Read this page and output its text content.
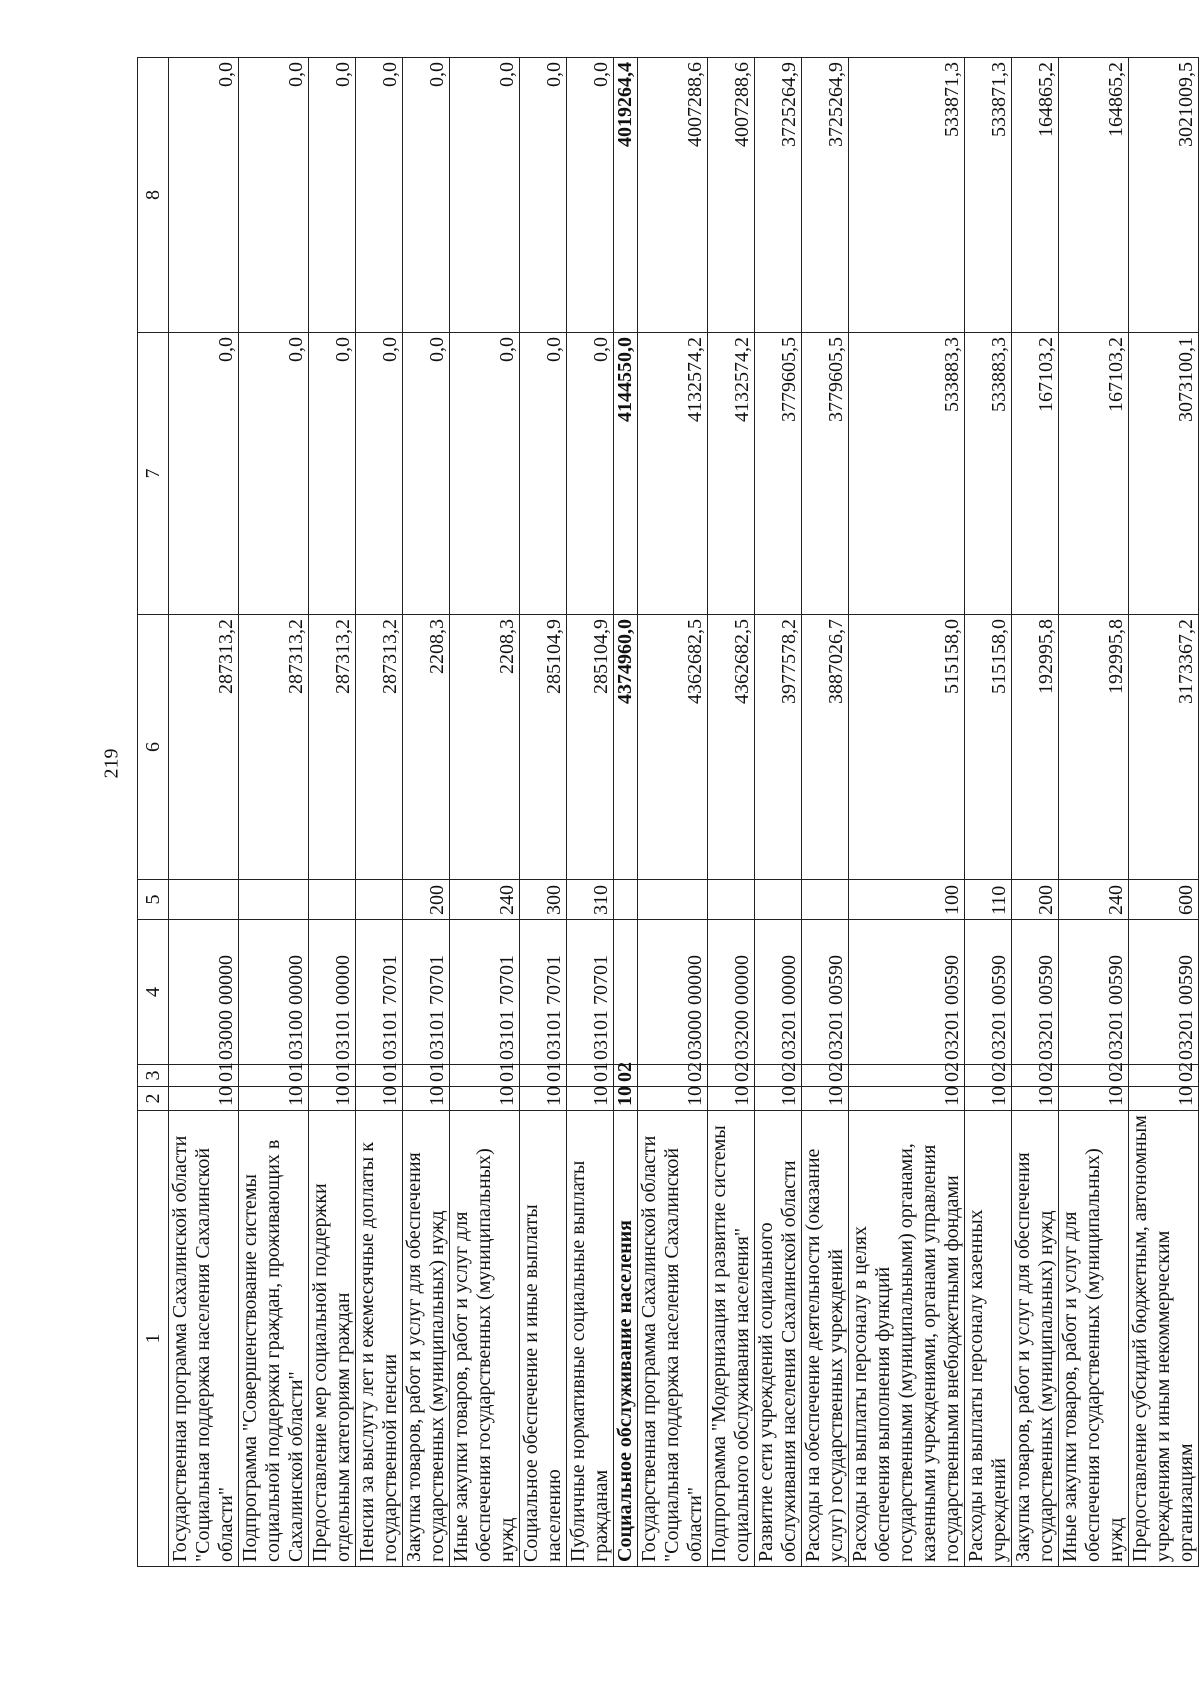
219
1	2	3	4	5	6	7	8
Государственная программа Сахалинской области "Социальная поддержка населения Сахалинской области"	10	01	03000 00000		287313,2	0,0	0,0
Подпрограмма "Совершенствование системы социальной поддержки граждан, проживающих в Сахалинской области"	10	01	03100 00000		287313,2	0,0	0,0
Предоставление мер социальной поддержки отдельным категориям граждан	10	01	03101 00000		287313,2	0,0	0,0
Пенсии за выслугу лет и ежемесячные доплаты к государственной пенсии	10	01	03101 70701		287313,2	0,0	0,0
Закупка товаров, работ и услуг для обеспечения государственных (муниципальных) нужд	10	01	03101 70701	200	2208,3	0,0	0,0
Иные закупки товаров, работ и услуг для обеспечения государственных (муниципальных) нужд	10	01	03101 70701	240	2208,3	0,0	0,0
Социальное обеспечение и иные выплаты населению	10	01	03101 70701	300	285104,9	0,0	0,0
Публичные нормативные социальные выплаты гражданам	10	01	03101 70701	310	285104,9	0,0	0,0
Социальное обслуживание населения	10	02			4374960,0	4144550,0	4019264,4
Государственная программа Сахалинской области "Социальная поддержка населения Сахалинской области"	10	02	03000 00000		4362682,5	4132574,2	4007288,6
Подпрограмма "Модернизация и развитие системы социального обслуживания населения"	10	02	03200 00000		4362682,5	4132574,2	4007288,6
Развитие сети учреждений социального обслуживания населения Сахалинской области	10	02	03201 00000		3977578,2	3779605,5	3725264,9
Расходы на обеспечение деятельности (оказание услуг) государственных учреждений	10	02	03201 00590		3887026,7	3779605,5	3725264,9
Расходы на выплаты персоналу в целях обеспечения выполнения функций государственными (муниципальными) органами, казенными учреждениями, органами управления государственными внебюджетными фондами	10	02	03201 00590	100	515158,0	533883,3	533871,3
Расходы на выплаты персоналу казенных учреждений	10	02	03201 00590	110	515158,0	533883,3	533871,3
Закупка товаров, работ и услуг для обеспечения государственных (муниципальных) нужд	10	02	03201 00590	200	192995,8	167103,2	164865,2
Иные закупки товаров, работ и услуг для обеспечения государственных (муниципальных) нужд	10	02	03201 00590	240	192995,8	167103,2	164865,2
Предоставление субсидий бюджетным, автономным учреждениям и иным некоммерческим организациям	10	02	03201 00590	600	3173367,2	3073100,1	3021009,5
